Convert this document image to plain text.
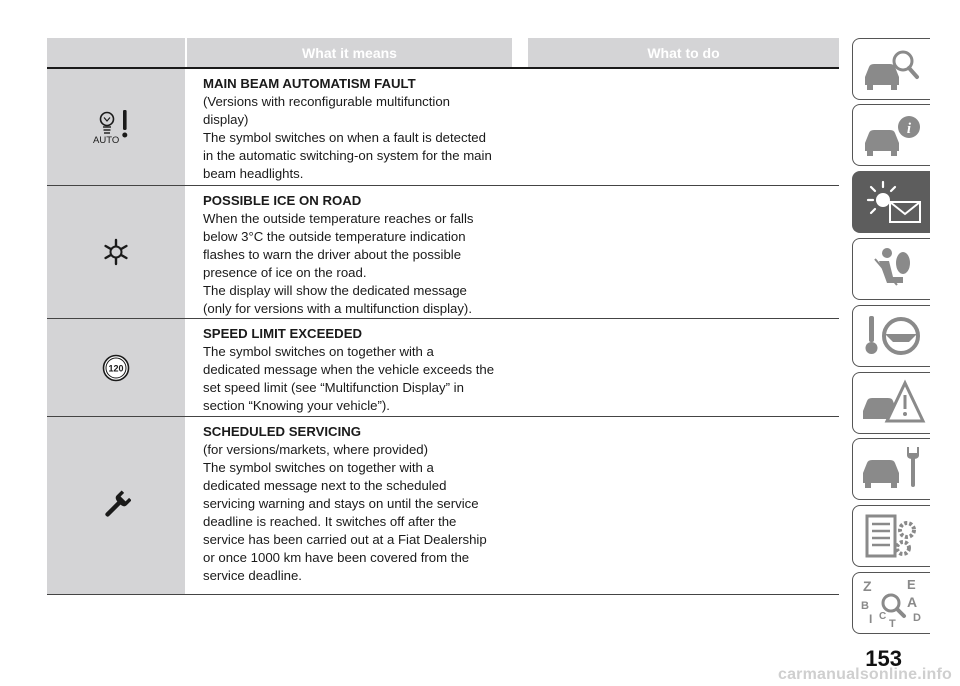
What it means	What to do
AUTO
MAIN BEAM AUTOMATISM FAULT
(Versions with reconfigurable multifunction
display)
The symbol switches on when a fault is detected
in the automatic switching-on system for the main
beam headlights.
POSSIBLE ICE ON ROAD
When the outside temperature reaches or falls
below 3°C the outside temperature indication
flashes to warn the driver about the possible
presence of ice on the road.
The display will show the dedicated message
(only for versions with a multifunction display).
120
SPEED LIMIT EXCEEDED
The symbol switches on together with a
dedicated message when the vehicle exceeds the
set speed limit (see “Multifunction Display” in
section “Knowing your vehicle”).
SCHEDULED SERVICING
(for versions/markets, where provided)
The symbol switches on together with a
dedicated message next to the scheduled
servicing warning and stays on until the service
deadline is reached. It switches off after the
service has been carried out at a Fiat Dealership
or once 1000 km have been covered from the
service deadline.
i
Z	E
B	A
I C
T D
153
carmanualsonline.info
